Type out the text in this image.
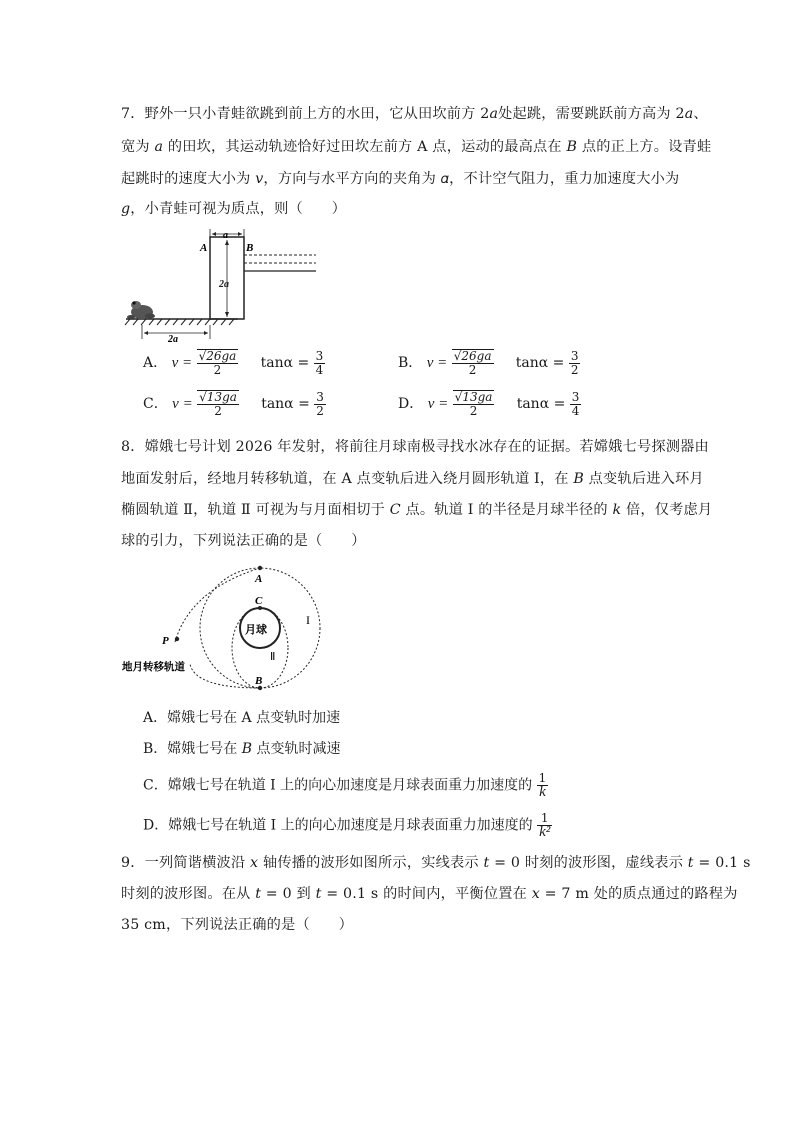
7．野外一只小青蛙欲跳到前上方的水田，它从田坎前方 2𝑎处起跳，需要跳跃前方高为 2𝑎、
宽为 𝑎 的田坎，其运动轨迹恰好过田坎左前方 A 点，运动的最高点在 𝐵 点的正上方。设青蛙
起跳时的速度大小为 𝑣，方向与水平方向的夹角为 𝛼，不计空气阻力，重力加速度大小为
𝑔，小青蛙可视为质点，则（　　）
a
A	B
2a
2a
A． $v = \frac{√26ga}{2}$ $\tan\alpha = \frac{3}{4}$	B． $v = \frac{√26ga}{2}$ $\tan\alpha = \frac{3}{2}$
C． $v = \frac{√13ga}{2}$ $\tan\alpha = \frac{3}{2}$	D． $v = \frac{√13ga}{2}$ $\tan\alpha = \frac{3}{4}$
8．嫦娥七号计划 2026 年发射，将前往月球南极寻找水冰存在的证据。若嫦娥七号探测器由
地面发射后，经地月转移轨道，在 A 点变轨后进入绕月圆形轨道 Ⅰ，在 𝐵 点变轨后进入环月
椭圆轨道 Ⅱ，轨道 Ⅱ 可视为与月面相切于 𝐶 点。轨道 Ⅰ 的半径是月球半径的 𝑘 倍，仅考虑月
球的引力，下列说法正确的是（　　）
月球
A
C
B
P
I
Ⅱ
地月转移轨道
A．嫦娥七号在 A 点变轨时加速
B．嫦娥七号在 𝐵 点变轨时减速
C．嫦娥七号在轨道 Ⅰ 上的向心加速度是月球表面重力加速度的 $\frac{1}{k}$
D．嫦娥七号在轨道 Ⅰ 上的向心加速度是月球表面重力加速度的 $\frac{1}{\text{k²}}$
9．一列简谐横波沿 𝑥 轴传播的波形如图所示，实线表示 𝑡 = 0 时刻的波形图，虚线表示 𝑡 = 0.1 s
时刻的波形图。在从 𝑡 = 0 到 𝑡 = 0.1 s 的时间内，平衡位置在 𝑥 = 7 m 处的质点通过的路程为
35 cm，下列说法正确的是（　　）
